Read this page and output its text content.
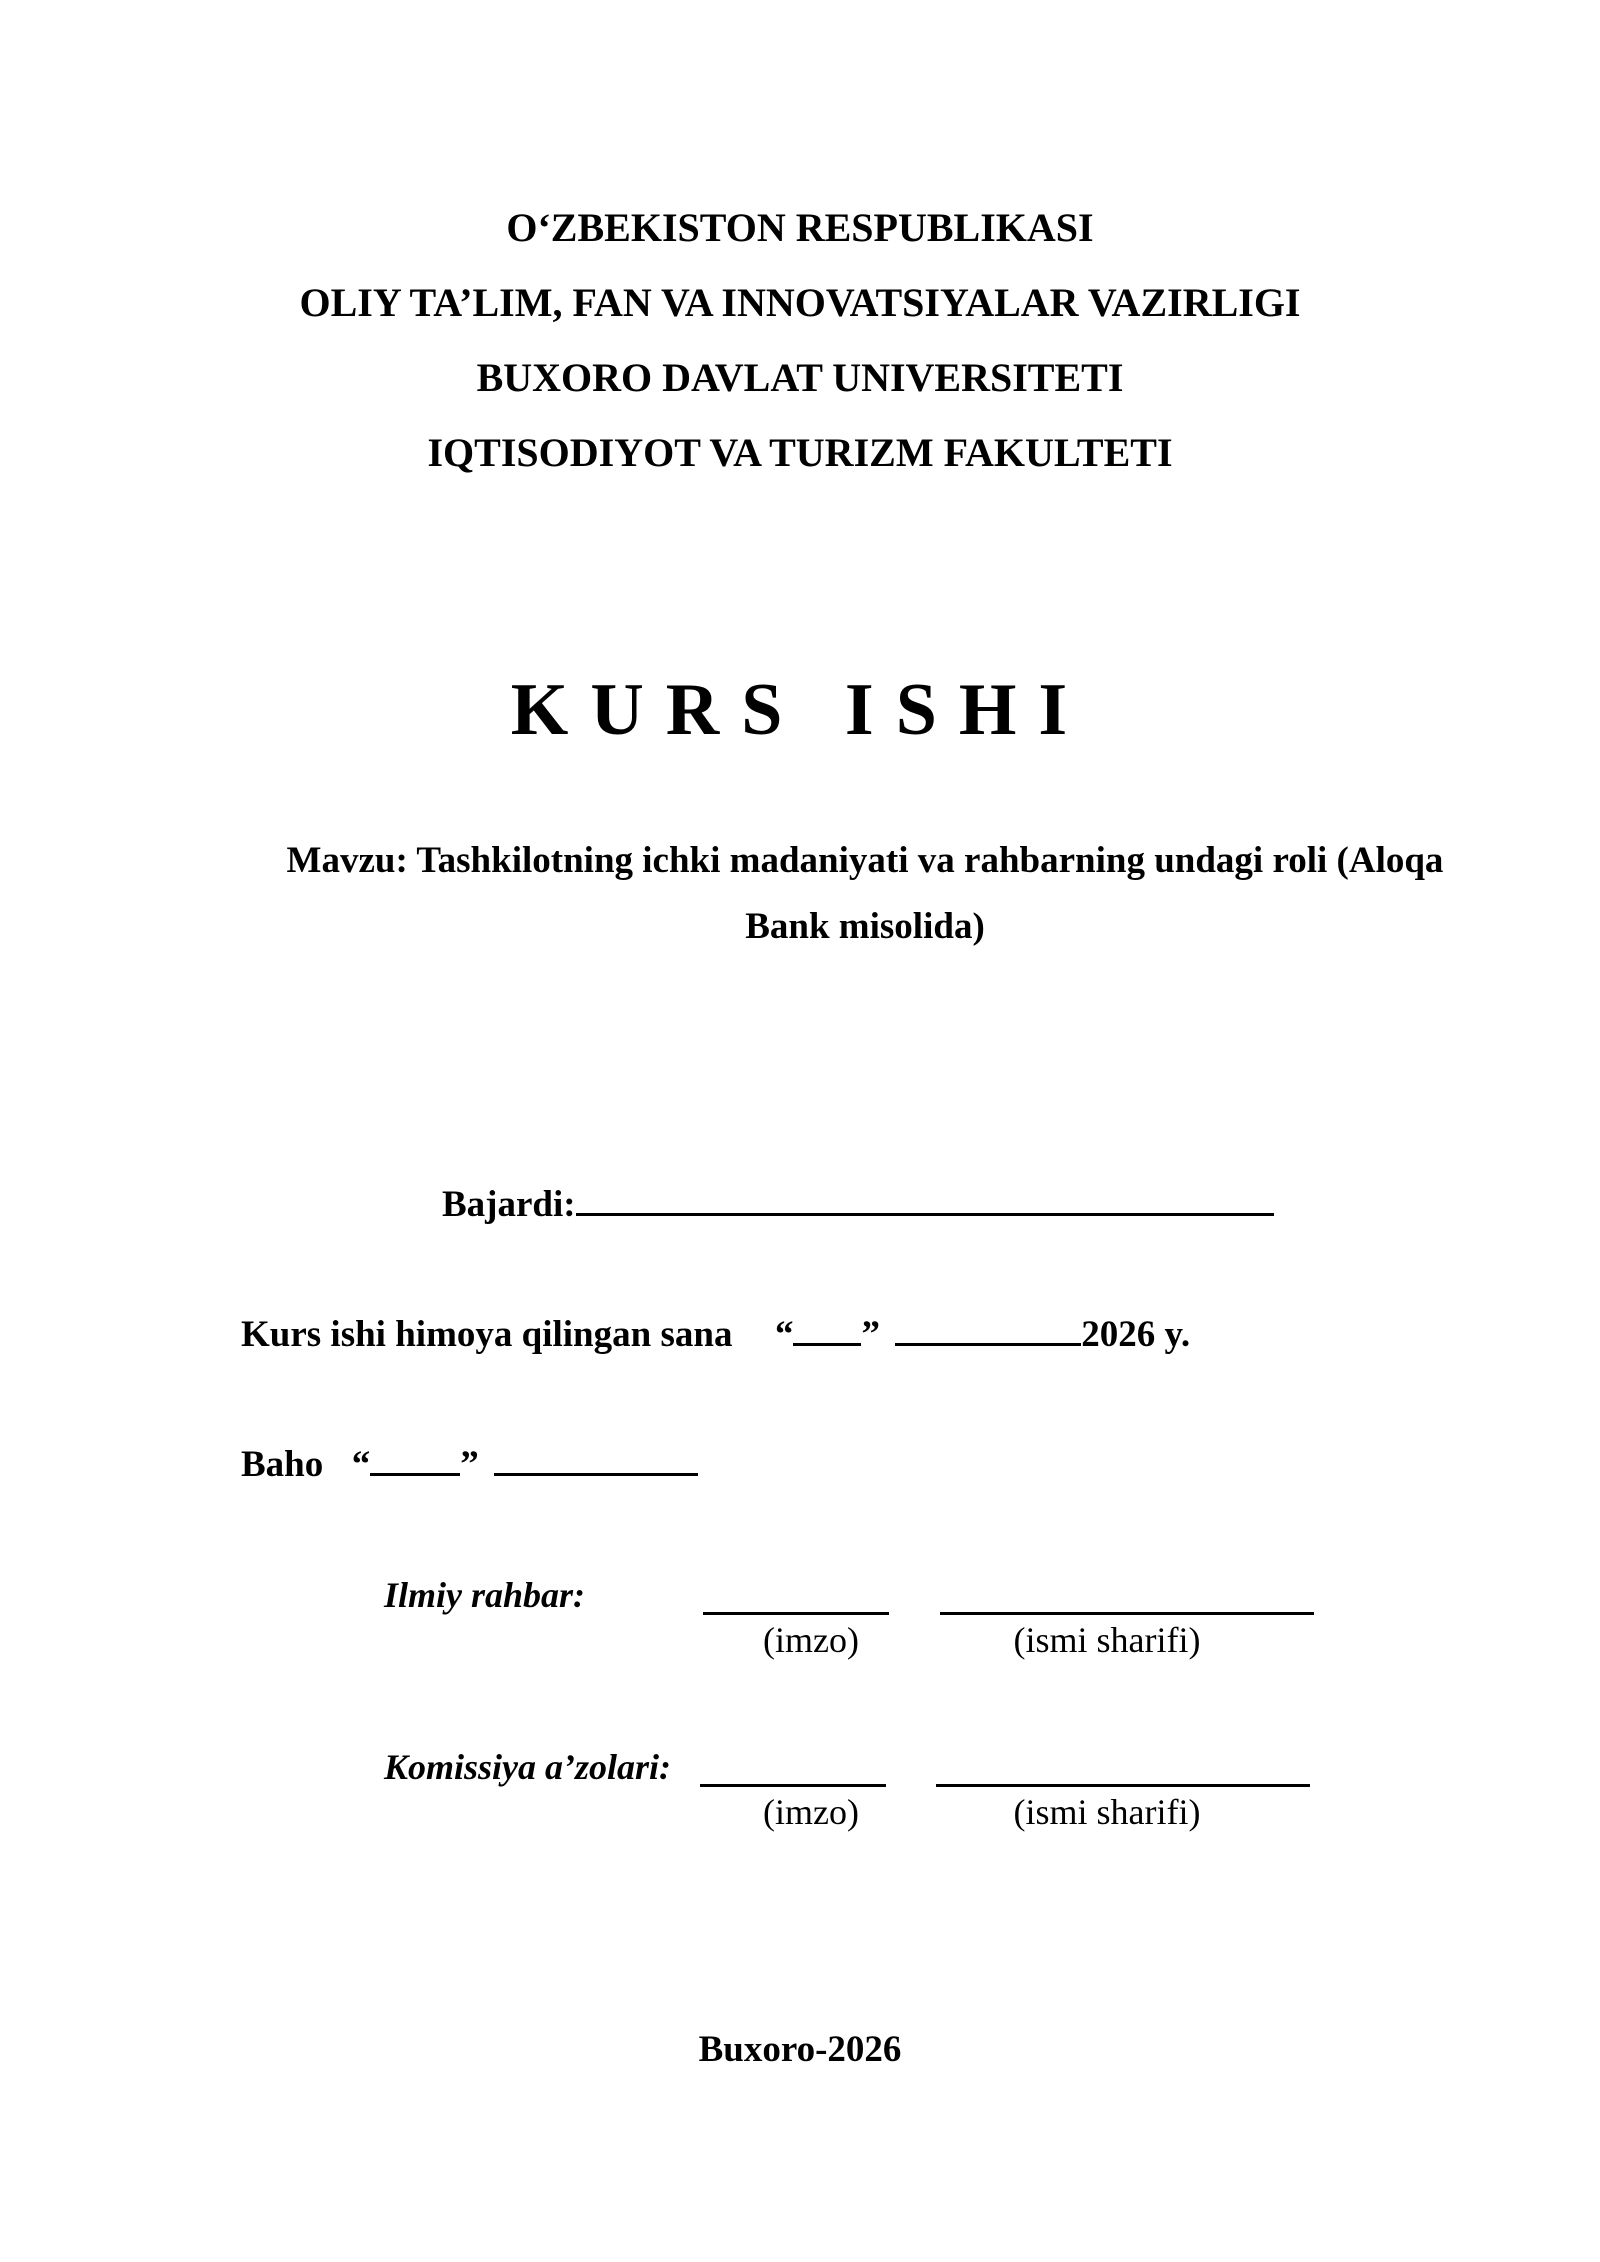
O‘ZBEKISTON RESPUBLIKASI
OLIY TA’LIM, FAN VA INNOVATSIYALAR VAZIRLIGI
BUXORO DAVLAT UNIVERSITETI
IQTISODIYOT VA TURIZM FAKULTETI
KURS ISHI
Mavzu: Tashkilotning ichki madaniyati va rahbarning undagi roli (Aloqa Bank misolida)
Bajardi:
Kurs ishi himoya qilingan sana “ ”	2026 y.
Baho “ ”
Ilmiy rahbar:
(imzo)	(ismi sharifi)
Komissiya a’zolari:
(imzo)	(ismi sharifi)
Buxoro-2026
